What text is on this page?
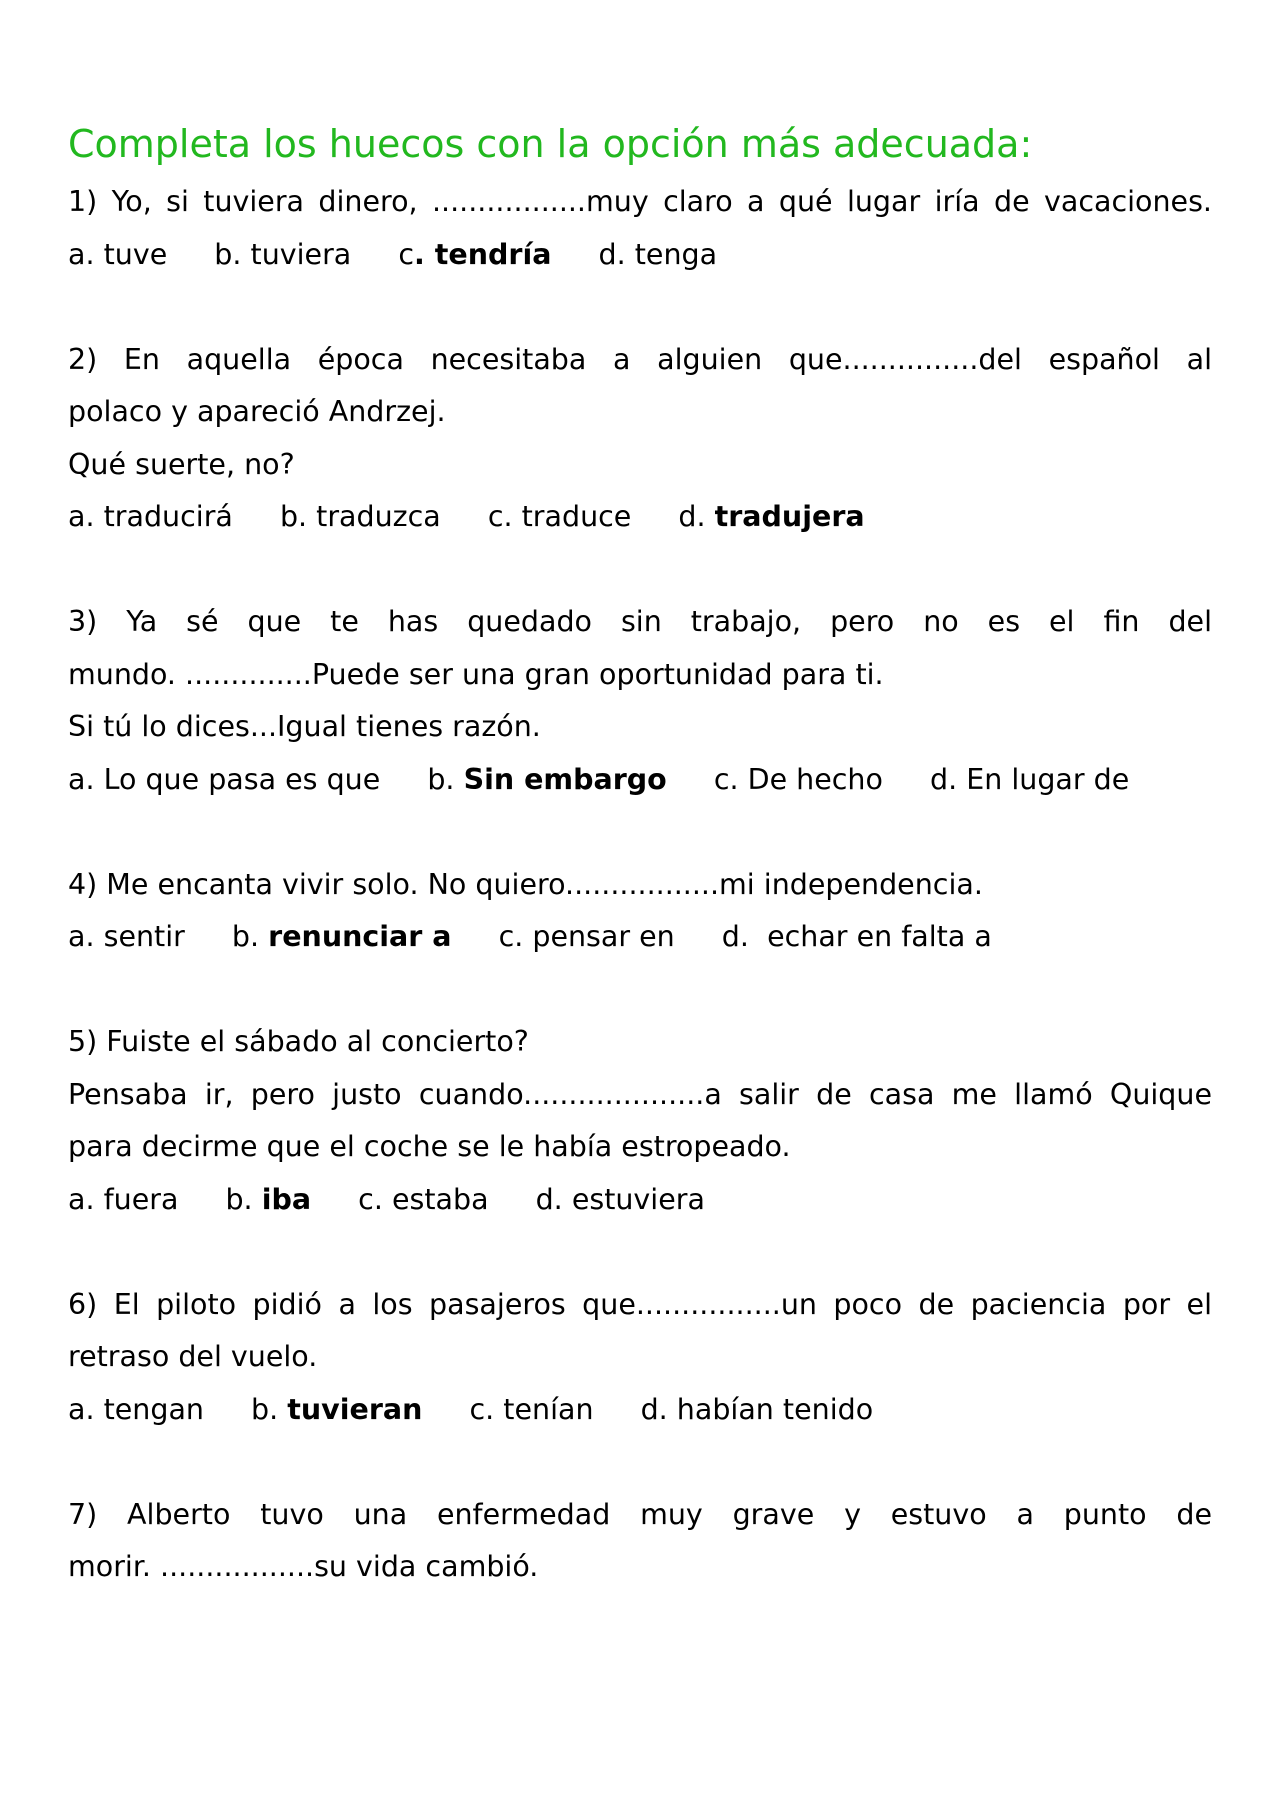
Completa los huecos con la opción más adecuada:
1) Yo, si tuviera dinero, .................muy claro a qué lugar iría de vacaciones.
a. tuve b. tuviera c. tendría d. tenga
2) En aquella época necesitaba a alguien que...............del español al
polaco y apareció Andrzej.
Qué suerte, no?
a. traducirá b. traduzca c. traduce d. tradujera
3) Ya sé que te has quedado sin trabajo, pero no es el fin del
mundo. ..............Puede ser una gran oportunidad para ti.
Si tú lo dices...Igual tienes razón.
a. Lo que pasa es que b. Sin embargo c. De hecho d. En lugar de
4) Me encanta vivir solo. No quiero.................mi independencia.
a. sentir b. renunciar a c. pensar en d.  echar en falta a
5) Fuiste el sábado al concierto?
Pensaba ir, pero justo cuando....................a salir de casa me llamó Quique
para decirme que el coche se le había estropeado.
a. fuera b. iba c. estaba d. estuviera
6) El piloto pidió a los pasajeros que................un poco de paciencia por el
retraso del vuelo.
a. tengan b. tuvieran c. tenían d. habían tenido
7) Alberto tuvo una enfermedad muy grave y estuvo a punto de
morir. .................su vida cambió.
